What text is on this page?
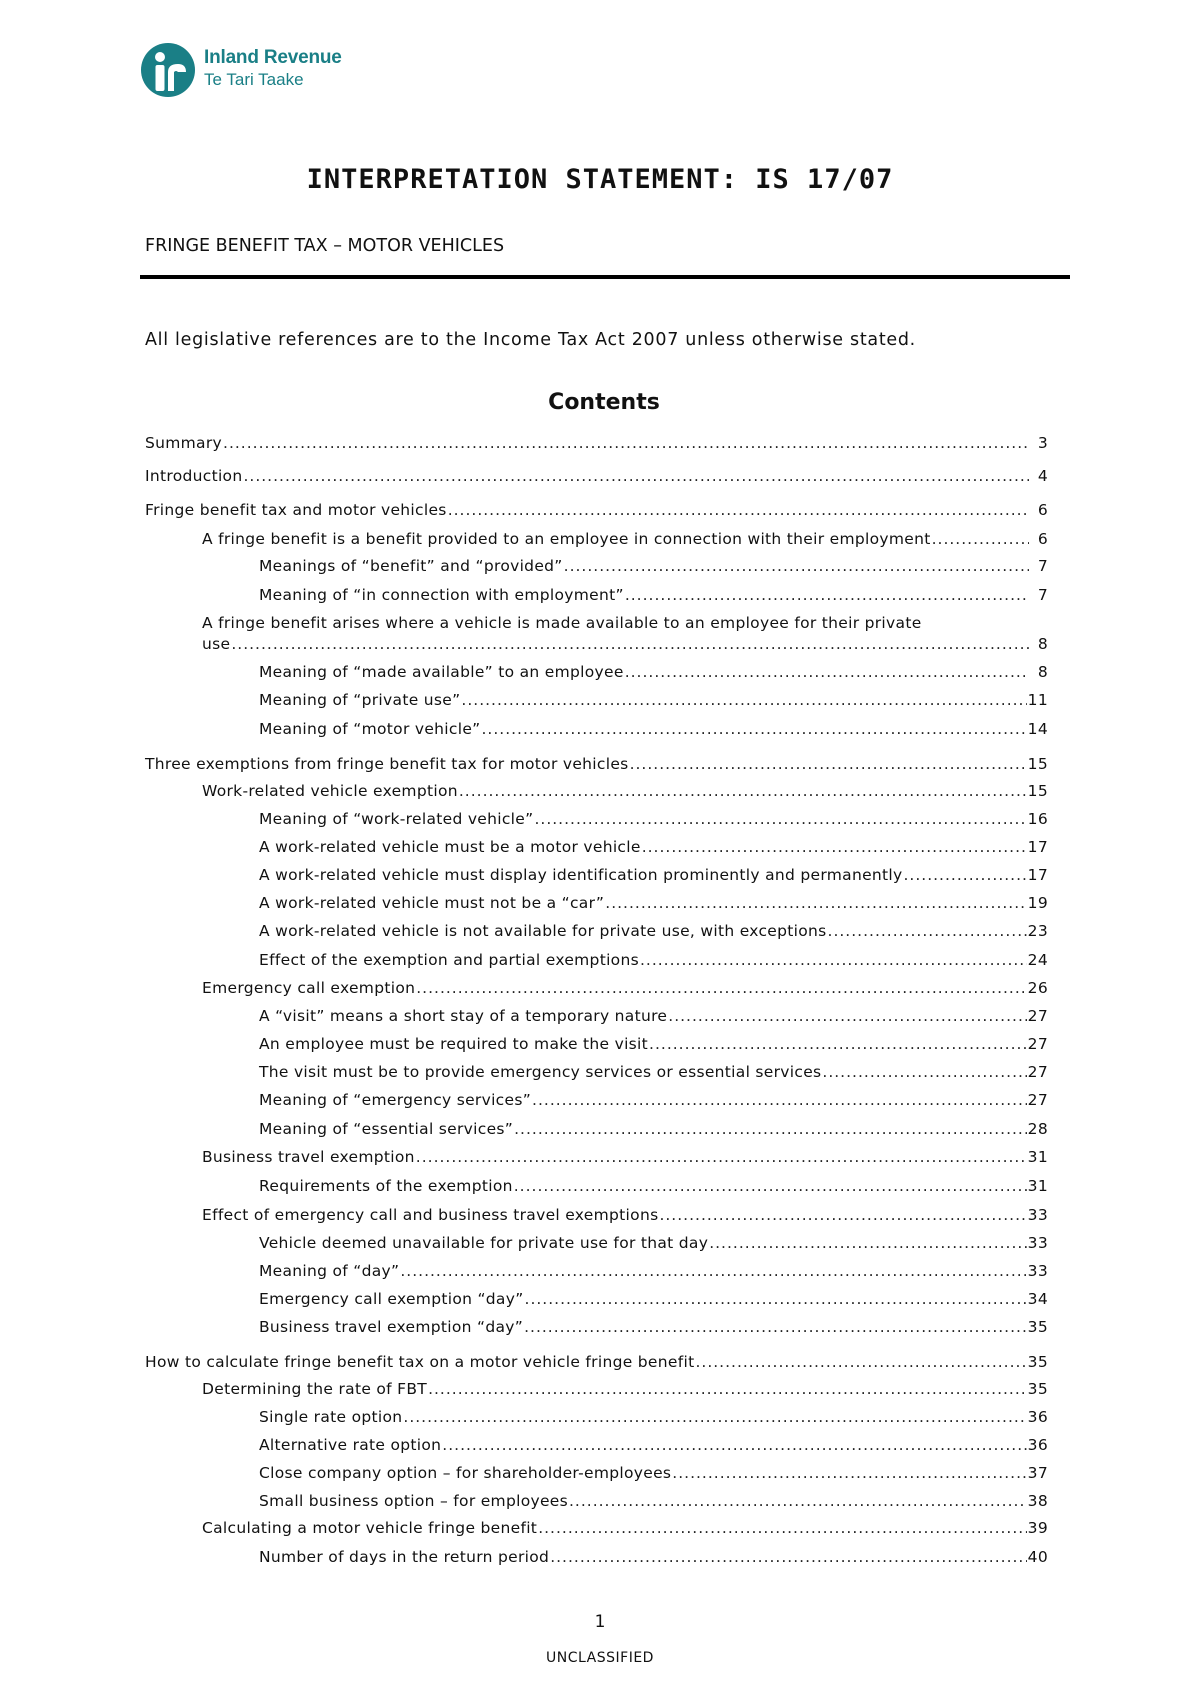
Inland Revenue
Te Tari Taake
INTERPRETATION STATEMENT: IS 17/07
FRINGE BENEFIT TAX – MOTOR VEHICLES
All legislative references are to the Income Tax Act 2007 unless otherwise stated.
Contents
Summary .....	3
Introduction .....	4
Fringe benefit tax and motor vehicles .....	6
A fringe benefit is a benefit provided to an employee in connection with their employment .....	6
Meanings of “benefit” and “provided” .....	7
Meaning of “in connection with employment” .....	7
A fringe benefit arises where a vehicle is made available to an employee for their private
use .....	8
Meaning of “made available” to an employee .....	8
Meaning of “private use” .....	11
Meaning of “motor vehicle” .....	14
Three exemptions from fringe benefit tax for motor vehicles .....	15
Work-related vehicle exemption .....	15
Meaning of “work-related vehicle” .....	16
A work-related vehicle must be a motor vehicle .....	17
A work-related vehicle must display identification prominently and permanently .....	17
A work-related vehicle must not be a “car” .....	19
A work-related vehicle is not available for private use, with exceptions .....	23
Effect of the exemption and partial exemptions .....	24
Emergency call exemption .....	26
A “visit” means a short stay of a temporary nature .....	27
An employee must be required to make the visit .....	27
The visit must be to provide emergency services or essential services .....	27
Meaning of “emergency services” .....	27
Meaning of “essential services” .....	28
Business travel exemption .....	31
Requirements of the exemption .....	31
Effect of emergency call and business travel exemptions .....	33
Vehicle deemed unavailable for private use for that day .....	33
Meaning of “day” .....	33
Emergency call exemption “day” .....	34
Business travel exemption “day” .....	35
How to calculate fringe benefit tax on a motor vehicle fringe benefit .....	35
Determining the rate of FBT .....	35
Single rate option .....	36
Alternative rate option .....	36
Close company option – for shareholder-employees .....	37
Small business option – for employees .....	38
Calculating a motor vehicle fringe benefit .....	39
Number of days in the return period .....	40
1
UNCLASSIFIED
